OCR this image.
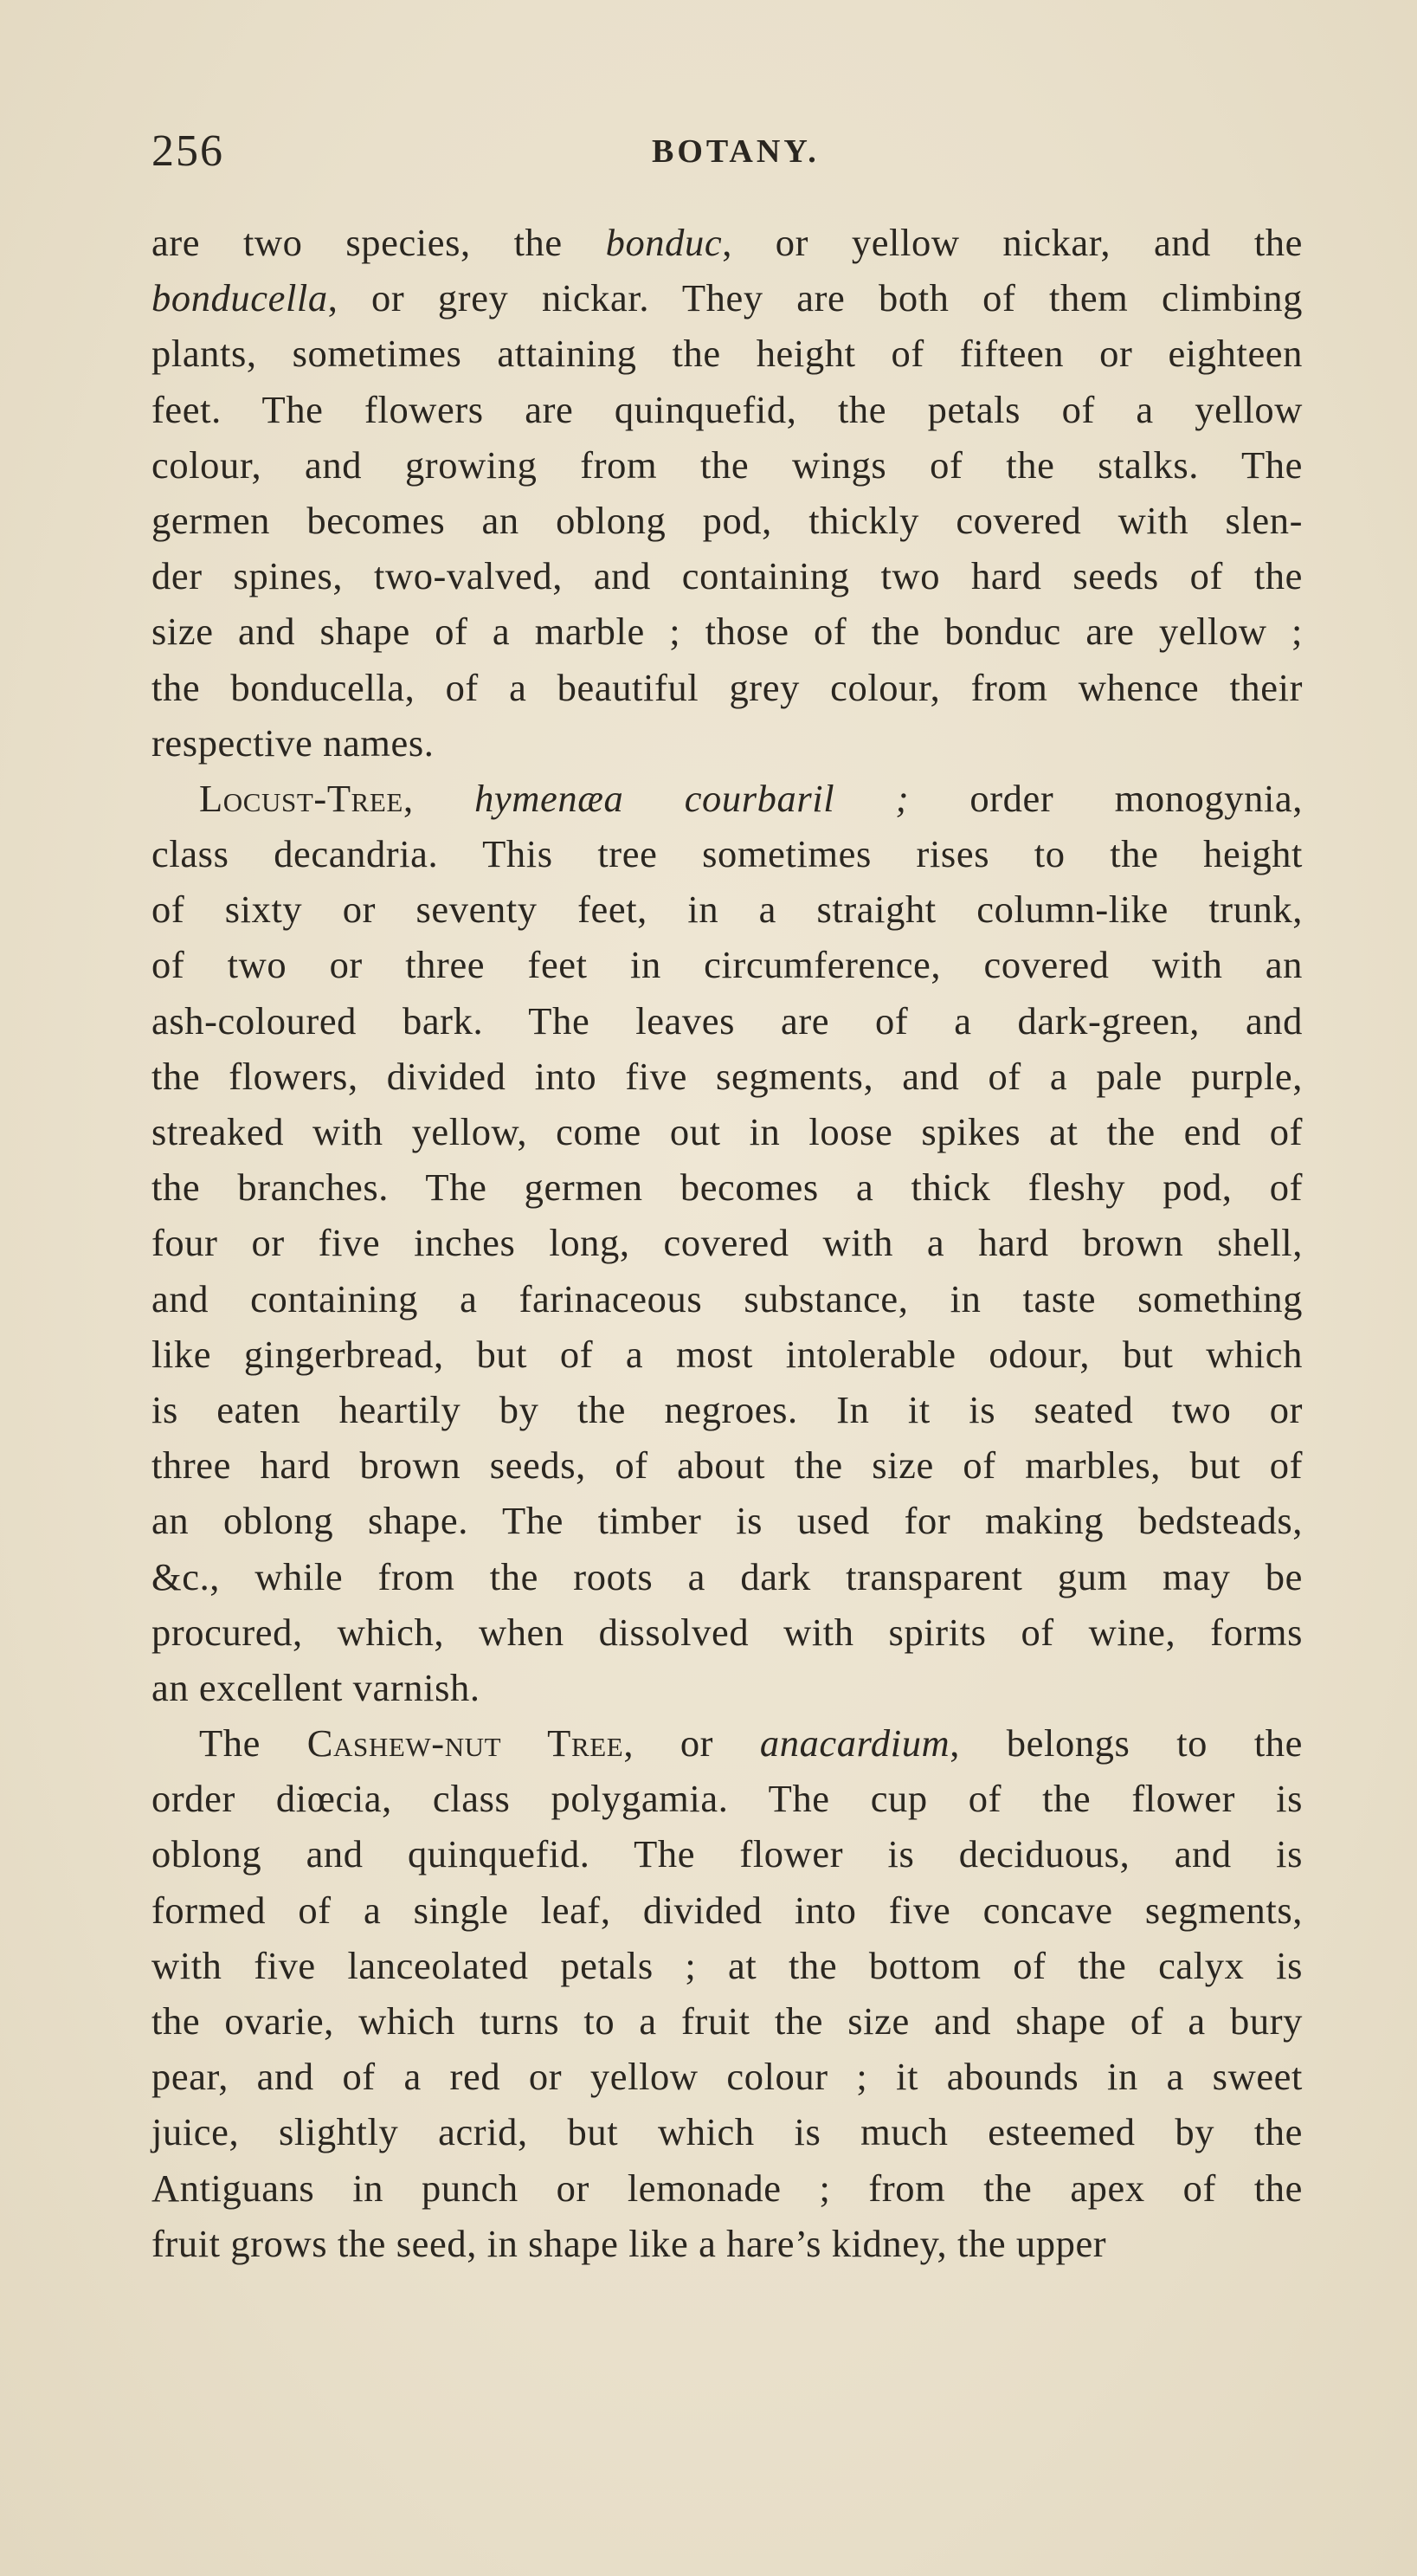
256	BOTANY.
are two species, the bonduc, or yellow nickar, and the
bonducella, or grey nickar. They are both of them climbing
plants, sometimes attaining the height of fifteen or eighteen
feet. The flowers are quinquefid, the petals of a yellow
colour, and growing from the wings of the stalks. The
germen becomes an oblong pod, thickly covered with slen-
der spines, two-valved, and containing two hard seeds of the
size and shape of a marble ; those of the bonduc are yellow ;
the bonducella, of a beautiful grey colour, from whence their
respective names.
Locust-Tree, hymenæa courbaril ; order monogynia,
class decandria. This tree sometimes rises to the height
of sixty or seventy feet, in a straight column-like trunk,
of two or three feet in circumference, covered with an
ash-coloured bark. The leaves are of a dark-green, and
the flowers, divided into five segments, and of a pale purple,
streaked with yellow, come out in loose spikes at the end of
the branches. The germen becomes a thick fleshy pod, of
four or five inches long, covered with a hard brown shell,
and containing a farinaceous substance, in taste something
like gingerbread, but of a most intolerable odour, but which
is eaten heartily by the negroes. In it is seated two or
three hard brown seeds, of about the size of marbles, but of
an oblong shape. The timber is used for making bedsteads,
&c., while from the roots a dark transparent gum may be
procured, which, when dissolved with spirits of wine, forms
an excellent varnish.
The Cashew-nut Tree, or anacardium, belongs to the
order diœcia, class polygamia. The cup of the flower is
oblong and quinquefid. The flower is deciduous, and is
formed of a single leaf, divided into five concave segments,
with five lanceolated petals ; at the bottom of the calyx is
the ovarie, which turns to a fruit the size and shape of a bury
pear, and of a red or yellow colour ; it abounds in a sweet
juice, slightly acrid, but which is much esteemed by the
Antiguans in punch or lemonade ; from the apex of the
fruit grows the seed, in shape like a hare’s kidney, the upper
